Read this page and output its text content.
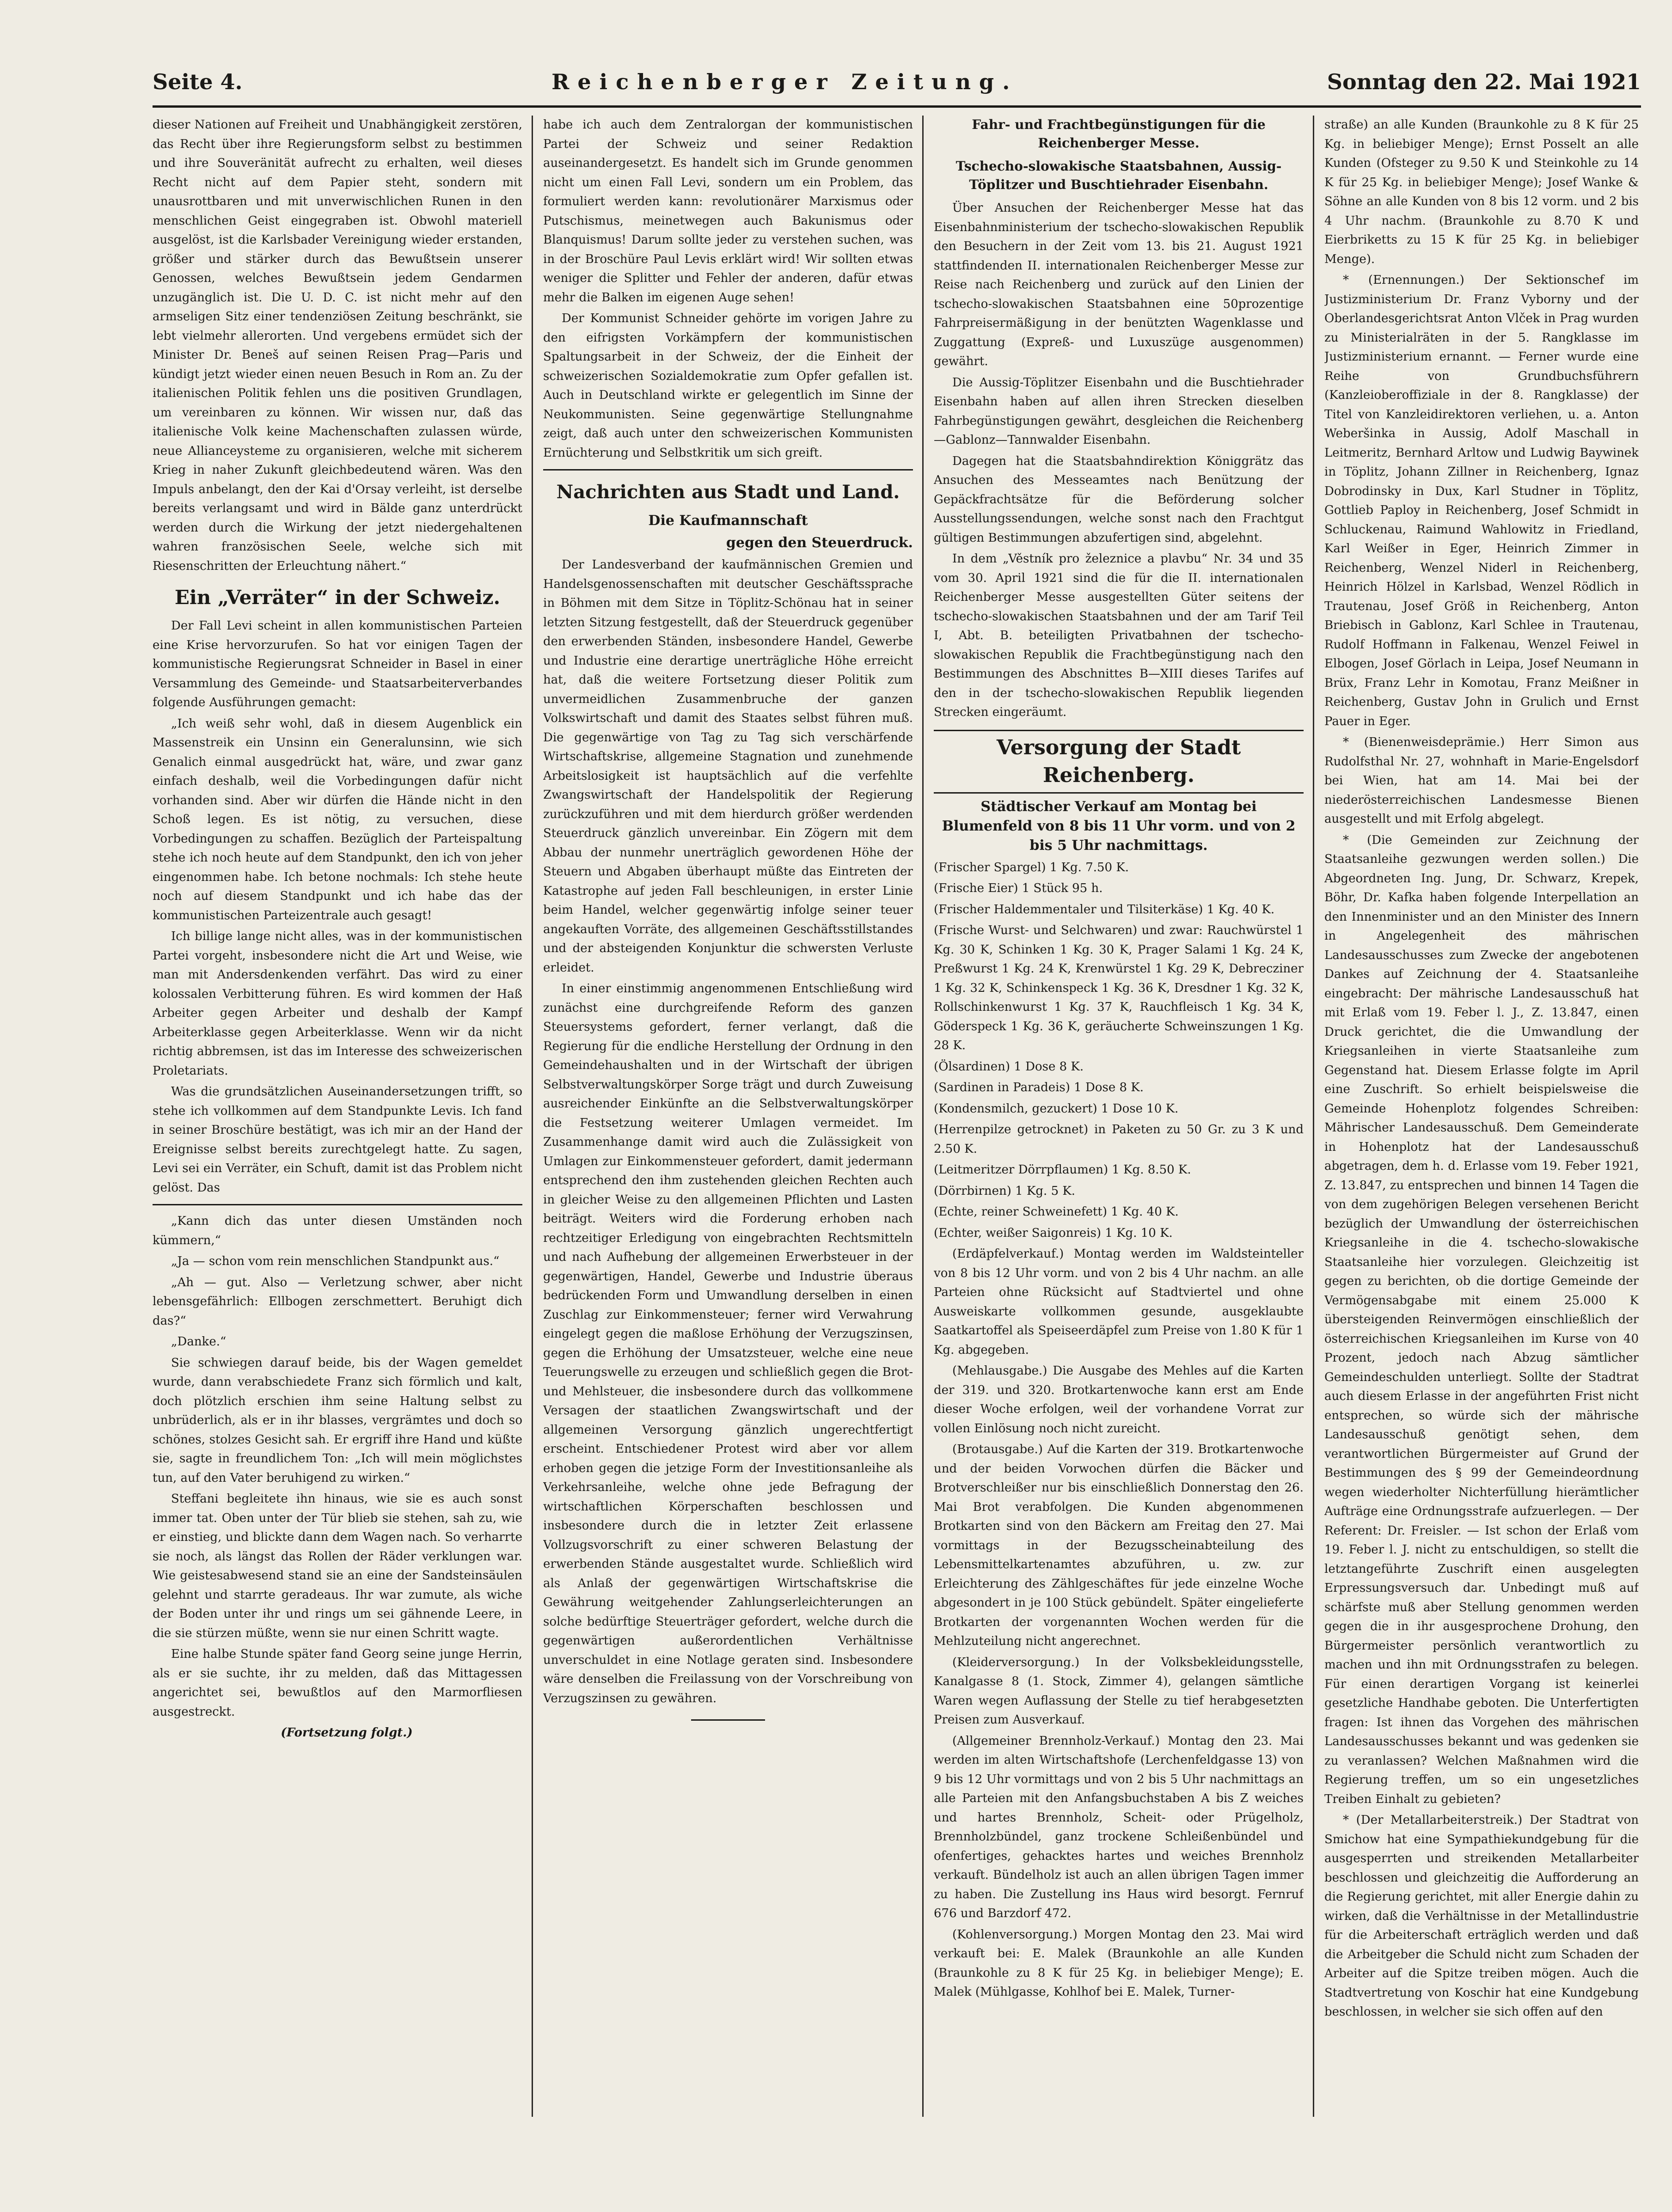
Seite 4.	Reichenberger Zeitung.	Sonntag den 22. Mai 1921

dieser Nationen auf Freiheit und Unabhängigkeit zerstören, das Recht über ihre Regierungsform selbst zu bestimmen und ihre Souveränität aufrecht zu erhalten, weil dieses Recht nicht auf dem Papier steht, sondern mit unausrottbaren und mit unverwischlichen Runen in den menschlichen Geist eingegraben ist. Obwohl materiell ausgelöst, ist die Karlsbader Vereinigung wieder erstanden, größer und stärker durch das Bewußtsein unserer Genossen, welches Bewußtsein jedem Gendarmen unzugänglich ist. Die U. D. C. ist nicht mehr auf den armseligen Sitz einer tendenziösen Zeitung beschränkt, sie lebt vielmehr allerorten. Und vergebens ermüdet sich der Minister Dr. Beneš auf seinen Reisen Prag—Paris und kündigt jetzt wieder einen neuen Besuch in Rom an. Zu der italienischen Politik fehlen uns die positiven Grundlagen, um vereinbaren zu können. Wir wissen nur, daß das italienische Volk keine Machenschaften zulassen würde, neue Allianceysteme zu organisieren, welche mit sicherem Krieg in naher Zukunft gleichbedeutend wären. Was den Impuls anbelangt, den der Kai d'Orsay verleiht, ist derselbe bereits verlangsamt und wird in Bälde ganz unterdrückt werden durch die Wirkung der jetzt niedergehaltenen wahren französischen Seele, welche sich mit Riesenschritten der Erleuchtung nähert.“

Ein „Verräter“ in der Schweiz.

Der Fall Levi scheint in allen kommunistischen Parteien eine Krise hervorzurufen. So hat vor einigen Tagen der kommunistische Regierungsrat Schneider in Basel in einer Versammlung des Gemeinde- und Staatsarbeiterverbandes folgende Ausführungen gemacht:

„Ich weiß sehr wohl, daß in diesem Augenblick ein Massenstreik ein Unsinn ein Generalunsinn, wie sich Genalich einmal ausgedrückt hat, wäre, und zwar ganz einfach deshalb, weil die Vorbedingungen dafür nicht vorhanden sind. Aber wir dürfen die Hände nicht in den Schoß legen. Es ist nötig, zu versuchen, diese Vorbedingungen zu schaffen. Bezüglich der Parteispaltung stehe ich noch heute auf dem Standpunkt, den ich von jeher eingenommen habe. Ich betone nochmals: Ich stehe heute noch auf diesem Standpunkt und ich habe das der kommunistischen Parteizentrale auch gesagt!

Ich billige lange nicht alles, was in der kommunistischen Partei vorgeht, insbesondere nicht die Art und Weise, wie man mit Andersdenkenden verfährt. Das wird zu einer kolossalen Verbitterung führen. Es wird kommen der Haß Arbeiter gegen Arbeiter und deshalb der Kampf Arbeiterklasse gegen Arbeiterklasse. Wenn wir da nicht richtig abbremsen, ist das im Interesse des schweizerischen Proletariats.

Was die grundsätzlichen Auseinandersetzungen trifft, so stehe ich vollkommen auf dem Standpunkte Levis. Ich fand in seiner Broschüre bestätigt, was ich mir an der Hand der Ereignisse selbst bereits zurechtgelegt hatte. Zu sagen, Levi sei ein Verräter, ein Schuft, damit ist das Problem nicht gelöst. Das

„Kann dich das unter diesen Umständen noch kümmern,“

„Ja — schon vom rein menschlichen Standpunkt aus.“

„Ah — gut. Also — Verletzung schwer, aber nicht lebensgefährlich: Ellbogen zerschmettert. Beruhigt dich das?“

„Danke.“

Sie schwiegen darauf beide, bis der Wagen gemeldet wurde, dann verabschiedete Franz sich förmlich und kalt, doch plötzlich erschien ihm seine Haltung selbst zu unbrüderlich, als er in ihr blasses, vergrämtes und doch so schönes, stolzes Gesicht sah. Er ergriff ihre Hand und küßte sie, sagte in freundlichem Ton: „Ich will mein möglichstes tun, auf den Vater beruhigend zu wirken.“

Steffani begleitete ihn hinaus, wie sie es auch sonst immer tat. Oben unter der Tür blieb sie stehen, sah zu, wie er einstieg, und blickte dann dem Wagen nach. So verharrte sie noch, als längst das Rollen der Räder verklungen war. Wie geistesabwesend stand sie an eine der Sandsteinsäulen gelehnt und starrte geradeaus. Ihr war zumute, als wiche der Boden unter ihr und rings um sei gähnende Leere, in die sie stürzen müßte, wenn sie nur einen Schritt wagte.

Eine halbe Stunde später fand Georg seine junge Herrin, als er sie suchte, ihr zu melden, daß das Mittagessen angerichtet sei, bewußtlos auf den Marmorfliesen ausgestreckt.

(Fortsetzung folgt.)

habe ich auch dem Zentralorgan der kommunistischen Partei der Schweiz und seiner Redaktion auseinandergesetzt. Es handelt sich im Grunde genommen nicht um einen Fall Levi, sondern um ein Problem, das formuliert werden kann: revolutionärer Marxismus oder Putschismus, meinetwegen auch Bakunismus oder Blanquismus! Darum sollte jeder zu verstehen suchen, was in der Broschüre Paul Levis erklärt wird! Wir sollten etwas weniger die Splitter und Fehler der anderen, dafür etwas mehr die Balken im eigenen Auge sehen!

Der Kommunist Schneider gehörte im vorigen Jahre zu den eifrigsten Vorkämpfern der kommunistischen Spaltungsarbeit in der Schweiz, der die Einheit der schweizerischen Sozialdemokratie zum Opfer gefallen ist. Auch in Deutschland wirkte er gelegentlich im Sinne der Neukommunisten. Seine gegenwärtige Stellungnahme zeigt, daß auch unter den schweizerischen Kommunisten Ernüchterung und Selbstkritik um sich greift.

Nachrichten aus Stadt und Land.
Die Kaufmannschaft
gegen den Steuerdruck.

Der Landesverband der kaufmännischen Gremien und Handelsgenossenschaften mit deutscher Geschäftssprache in Böhmen mit dem Sitze in Töplitz-Schönau hat in seiner letzten Sitzung festgestellt, daß der Steuerdruck gegenüber den erwerbenden Ständen, insbesondere Handel, Gewerbe und Industrie eine derartige unerträgliche Höhe erreicht hat, daß die weitere Fortsetzung dieser Politik zum unvermeidlichen Zusammenbruche der ganzen Volkswirtschaft und damit des Staates selbst führen muß. Die gegenwärtige von Tag zu Tag sich verschärfende Wirtschaftskrise, allgemeine Stagnation und zunehmende Arbeitslosigkeit ist hauptsächlich auf die verfehlte Zwangswirtschaft der Handelspolitik der Regierung zurückzuführen und mit dem hierdurch größer werdenden Steuerdruck gänzlich unvereinbar. Ein Zögern mit dem Abbau der nunmehr unerträglich gewordenen Höhe der Steuern und Abgaben überhaupt müßte das Eintreten der Katastrophe auf jeden Fall beschleunigen, in erster Linie beim Handel, welcher gegenwärtig infolge seiner teuer angekauften Vorräte, des allgemeinen Geschäftsstillstandes und der absteigenden Konjunktur die schwersten Verluste erleidet.

In einer einstimmig angenommenen Entschließung wird zunächst eine durchgreifende Reform des ganzen Steuersystems gefordert, ferner verlangt, daß die Regierung für die endliche Herstellung der Ordnung in den Gemeindehaushalten und in der Wirtschaft der übrigen Selbstverwaltungskörper Sorge trägt und durch Zuweisung ausreichender Einkünfte an die Selbstverwaltungskörper die Festsetzung weiterer Umlagen vermeidet. Im Zusammenhange damit wird auch die Zulässigkeit von Umlagen zur Einkommensteuer gefordert, damit jedermann entsprechend den ihm zustehenden gleichen Rechten auch in gleicher Weise zu den allgemeinen Pflichten und Lasten beiträgt. Weiters wird die Forderung erhoben nach rechtzeitiger Erledigung von eingebrachten Rechtsmitteln und nach Aufhebung der allgemeinen Erwerbsteuer in der gegenwärtigen, Handel, Gewerbe und Industrie überaus bedrückenden Form und Umwandlung derselben in einen Zuschlag zur Einkommensteuer; ferner wird Verwahrung eingelegt gegen die maßlose Erhöhung der Verzugszinsen, gegen die Erhöhung der Umsatzsteuer, welche eine neue Teuerungswelle zu erzeugen und schließlich gegen die Brot- und Mehlsteuer, die insbesondere durch das vollkommene Versagen der staatlichen Zwangswirtschaft und der allgemeinen Versorgung gänzlich ungerechtfertigt erscheint. Entschiedener Protest wird aber vor allem erhoben gegen die jetzige Form der Investitionsanleihe als Verkehrsanleihe, welche ohne jede Befragung der wirtschaftlichen Körperschaften beschlossen und insbesondere durch die in letzter Zeit erlassene Vollzugsvorschrift zu einer schweren Belastung der erwerbenden Stände ausgestaltet wurde. Schließlich wird als Anlaß der gegenwärtigen Wirtschaftskrise die Gewährung weitgehender Zahlungserleichterungen an solche bedürftige Steuerträger gefordert, welche durch die gegenwärtigen außerordentlichen Verhältnisse unverschuldet in eine Notlage geraten sind. Insbesondere wäre denselben die Freilassung von der Vorschreibung von Verzugszinsen zu gewähren.

Fahr- und Frachtbegünstigungen für die Reichenberger Messe.
Tschecho-slowakische Staatsbahnen, Aussig-Töplitzer und Buschtiehrader Eisenbahn.

Über Ansuchen der Reichenberger Messe hat das Eisenbahnministerium der tschecho-slowakischen Republik den Besuchern in der Zeit vom 13. bis 21. August 1921 stattfindenden II. internationalen Reichenberger Messe zur Reise nach Reichenberg und zurück auf den Linien der tschecho-slowakischen Staatsbahnen eine 50prozentige Fahrpreisermäßigung in der benützten Wagenklasse und Zuggattung (Expreß- und Luxuszüge ausgenommen) gewährt.

Die Aussig-Töplitzer Eisenbahn und die Buschtiehrader Eisenbahn haben auf allen ihren Strecken dieselben Fahrbegünstigungen gewährt, desgleichen die Reichenberg—Gablonz—Tannwalder Eisenbahn.

Dagegen hat die Staatsbahndirektion Königgrätz das Ansuchen des Messeamtes nach Benützung der Gepäckfrachtsätze für die Beförderung solcher Ausstellungssendungen, welche sonst nach den Frachtgut gültigen Bestimmungen abzufertigen sind, abgelehnt.

In dem „Věstník pro železnice a plavbu“ Nr. 34 und 35 vom 30. April 1921 sind die für die II. internationalen Reichenberger Messe ausgestellten Güter seitens der tschecho-slowakischen Staatsbahnen und der am Tarif Teil I, Abt. B. beteiligten Privatbahnen der tschecho-slowakischen Republik die Frachtbegünstigung nach den Bestimmungen des Abschnittes B—XIII dieses Tarifes auf den in der tschecho-slowakischen Republik liegenden Strecken eingeräumt.

Versorgung der Stadt Reichenberg.
Städtischer Verkauf am Montag bei Blumenfeld von 8 bis 11 Uhr vorm. und von 2 bis 5 Uhr nachmittags.

(Frischer Spargel) 1 Kg. 7.50 K.

(Frische Eier) 1 Stück 95 h.

(Frischer Haldemmentaler und Tilsiterkäse) 1 Kg. 40 K.

(Frische Wurst- und Selchwaren) und zwar: Rauchwürstel 1 Kg. 30 K, Schinken 1 Kg. 30 K, Prager Salami 1 Kg. 24 K, Preßwurst 1 Kg. 24 K, Krenwürstel 1 Kg. 29 K, Debrecziner 1 Kg. 32 K, Schinkenspeck 1 Kg. 36 K, Dresdner 1 Kg. 32 K, Rollschinkenwurst 1 Kg. 37 K, Rauchfleisch 1 Kg. 34 K, Göderspeck 1 Kg. 36 K, geräucherte Schweinszungen 1 Kg. 28 K.

(Ölsardinen) 1 Dose 8 K.

(Sardinen in Paradeis) 1 Dose 8 K.

(Kondensmilch, gezuckert) 1 Dose 10 K.

(Herrenpilze getrocknet) in Paketen zu 50 Gr. zu 3 K und 2.50 K.

(Leitmeritzer Dörrpflaumen) 1 Kg. 8.50 K.

(Dörrbirnen) 1 Kg. 5 K.

(Echte, reiner Schweinefett) 1 Kg. 40 K.

(Echter, weißer Saigonreis) 1 Kg. 10 K.

(Erdäpfelverkauf.) Montag werden im Waldsteinteller von 8 bis 12 Uhr vorm. und von 2 bis 4 Uhr nachm. an alle Parteien ohne Rücksicht auf Stadtviertel und ohne Ausweiskarte vollkommen gesunde, ausgeklaubte Saatkartoffel als Speiseerdäpfel zum Preise von 1.80 K für 1 Kg. abgegeben.

(Mehlausgabe.) Die Ausgabe des Mehles auf die Karten der 319. und 320. Brotkartenwoche kann erst am Ende dieser Woche erfolgen, weil der vorhandene Vorrat zur vollen Einlösung noch nicht zureicht.

(Brotausgabe.) Auf die Karten der 319. Brotkartenwoche und der beiden Vorwochen dürfen die Bäcker und Brotverschleißer nur bis einschließlich Donnerstag den 26. Mai Brot verabfolgen. Die Kunden abgenommenen Brotkarten sind von den Bäckern am Freitag den 27. Mai vormittags in der Bezugsscheinabteilung des Lebensmittelkartenamtes abzuführen, u. zw. zur Erleichterung des Zählgeschäftes für jede einzelne Woche abgesondert in je 100 Stück gebündelt. Später eingelieferte Brotkarten der vorgenannten Wochen werden für die Mehlzuteilung nicht angerechnet.

(Kleiderversorgung.) In der Volksbekleidungsstelle, Kanalgasse 8 (1. Stock, Zimmer 4), gelangen sämtliche Waren wegen Auflassung der Stelle zu tief herabgesetzten Preisen zum Ausverkauf.

(Allgemeiner Brennholz-Verkauf.) Montag den 23. Mai werden im alten Wirtschaftshofe (Lerchenfeldgasse 13) von 9 bis 12 Uhr vormittags und von 2 bis 5 Uhr nachmittags an alle Parteien mit den Anfangsbuchstaben A bis Z weiches und hartes Brennholz, Scheit- oder Prügelholz, Brennholzbündel, ganz trockene Schleißenbündel und ofenfertiges, gehacktes hartes und weiches Brennholz verkauft. Bündelholz ist auch an allen übrigen Tagen immer zu haben. Die Zustellung ins Haus wird besorgt. Fernruf 676 und Barzdorf 472.

(Kohlenversorgung.) Morgen Montag den 23. Mai wird verkauft bei: E. Malek (Braunkohle an alle Kunden (Braunkohle zu 8 K für 25 Kg. in beliebiger Menge); E. Malek (Mühlgasse, Kohlhof bei E. Malek, Turner-

straße) an alle Kunden (Braunkohle zu 8 K für 25 Kg. in beliebiger Menge); Ernst Posselt an alle Kunden (Ofsteger zu 9.50 K und Steinkohle zu 14 K für 25 Kg. in beliebiger Menge); Josef Wanke & Söhne an alle Kunden von 8 bis 12 vorm. und 2 bis 4 Uhr nachm. (Braunkohle zu 8.70 K und Eierbriketts zu 15 K für 25 Kg. in beliebiger Menge).

* (Ernennungen.) Der Sektionschef im Justizministerium Dr. Franz Vyborny und der Oberlandesgerichtsrat Anton Vlček in Prag wurden zu Ministerialräten in der 5. Rangklasse im Justizministerium ernannt. — Ferner wurde eine Reihe von Grundbuchsführern (Kanzleioberoffiziale in der 8. Rangklasse) der Titel von Kanzleidirektoren verliehen, u. a. Anton Weberšinka in Aussig, Adolf Maschall in Leitmeritz, Bernhard Arltow und Ludwig Baywinek in Töplitz, Johann Zillner in Reichenberg, Ignaz Dobrodinsky in Dux, Karl Studner in Töplitz, Gottlieb Paploy in Reichenberg, Josef Schmidt in Schluckenau, Raimund Wahlowitz in Friedland, Karl Weißer in Eger, Heinrich Zimmer in Reichenberg, Wenzel Niderl in Reichenberg, Heinrich Hölzel in Karlsbad, Wenzel Rödlich in Trautenau, Josef Größ in Reichenberg, Anton Briebisch in Gablonz, Karl Schlee in Trautenau, Rudolf Hoffmann in Falkenau, Wenzel Feiwel in Elbogen, Josef Görlach in Leipa, Josef Neumann in Brüx, Franz Lehr in Komotau, Franz Meißner in Reichenberg, Gustav John in Grulich und Ernst Pauer in Eger.

* (Bienenweisdeprämie.) Herr Simon aus Rudolfsthal Nr. 27, wohnhaft in Marie-Engelsdorf bei Wien, hat am 14. Mai bei der niederösterreichischen Landesmesse Bienen ausgestellt und mit Erfolg abgelegt.

* (Die Gemeinden zur Zeichnung der Staatsanleihe gezwungen werden sollen.) Die Abgeordneten Ing. Jung, Dr. Schwarz, Krepek, Böhr, Dr. Kafka haben folgende Interpellation an den Innenminister und an den Minister des Innern in Angelegenheit des mährischen Landesausschusses zum Zwecke der angebotenen Dankes auf Zeichnung der 4. Staatsanleihe eingebracht: Der mährische Landesausschuß hat mit Erlaß vom 19. Feber l. J., Z. 13.847, einen Druck gerichtet, die die Umwandlung der Kriegsanleihen in vierte Staatsanleihe zum Gegenstand hat. Diesem Erlasse folgte im April eine Zuschrift. So erhielt beispielsweise die Gemeinde Hohenplotz folgendes Schreiben: Mährischer Landesausschuß. Dem Gemeinderate in Hohenplotz hat der Landesausschuß abgetragen, dem h. d. Erlasse vom 19. Feber 1921, Z. 13.847, zu entsprechen und binnen 14 Tagen die von dem zugehörigen Belegen versehenen Bericht bezüglich der Umwandlung der österreichischen Kriegsanleihe in die 4. tschecho-slowakische Staatsanleihe hier vorzulegen. Gleichzeitig ist gegen zu berichten, ob die dortige Gemeinde der Vermögensabgabe mit einem 25.000 K übersteigenden Reinvermögen einschließlich der österreichischen Kriegsanleihen im Kurse von 40 Prozent, jedoch nach Abzug sämtlicher Gemeindeschulden unterliegt. Sollte der Stadtrat auch diesem Erlasse in der angeführten Frist nicht entsprechen, so würde sich der mährische Landesausschuß genötigt sehen, dem verantwortlichen Bürgermeister auf Grund der Bestimmungen des § 99 der Gemeindeordnung wegen wiederholter Nichterfüllung hierämtlicher Aufträge eine Ordnungsstrafe aufzuerlegen. — Der Referent: Dr. Freisler. — Ist schon der Erlaß vom 19. Feber l. J. nicht zu entschuldigen, so stellt die letztangeführte Zuschrift einen ausgelegten Erpressungsversuch dar. Unbedingt muß auf schärfste muß aber Stellung genommen werden gegen die in ihr ausgesprochene Drohung, den Bürgermeister persönlich verantwortlich zu machen und ihn mit Ordnungsstrafen zu belegen. Für einen derartigen Vorgang ist keinerlei gesetzliche Handhabe geboten. Die Unterfertigten fragen: Ist ihnen das Vorgehen des mährischen Landesausschusses bekannt und was gedenken sie zu veranlassen? Welchen Maßnahmen wird die Regierung treffen, um so ein ungesetzliches Treiben Einhalt zu gebieten?

* (Der Metallarbeiterstreik.) Der Stadtrat von Smichow hat eine Sympathiekundgebung für die ausgesperrten und streikenden Metallarbeiter beschlossen und gleichzeitig die Aufforderung an die Regierung gerichtet, mit aller Energie dahin zu wirken, daß die Verhältnisse in der Metallindustrie für die Arbeiterschaft erträglich werden und daß die Arbeitgeber die Schuld nicht zum Schaden der Arbeiter auf die Spitze treiben mögen. Auch die Stadtvertretung von Koschir hat eine Kundgebung beschlossen, in welcher sie sich offen auf den
